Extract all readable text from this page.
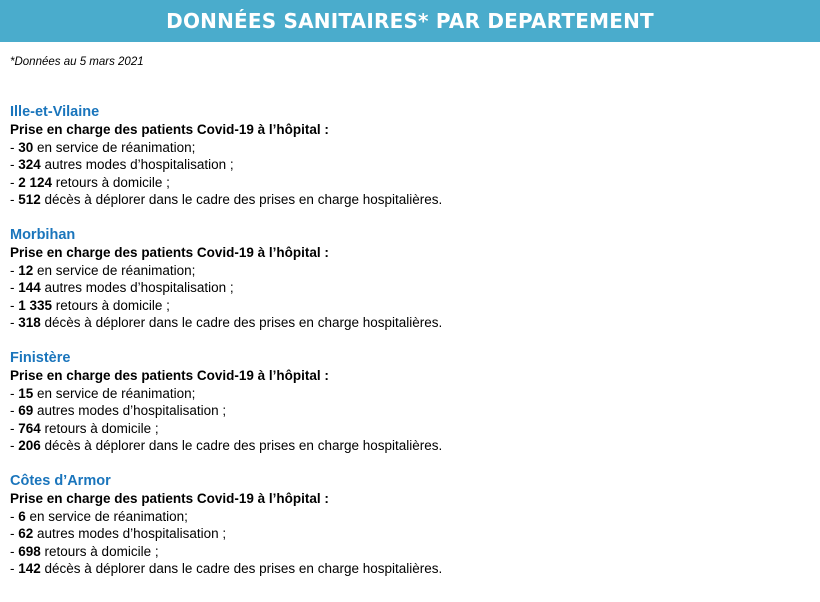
DONNÉES SANITAIRES* PAR DEPARTEMENT
*Données au 5 mars 2021
Ille-et-Vilaine
Prise en charge des patients Covid-19 à l’hôpital :
- 30 en service de réanimation;
- 324 autres modes d’hospitalisation ;
- 2 124 retours à domicile ;
- 512 décès à déplorer dans le cadre des prises en charge hospitalières.
Morbihan
Prise en charge des patients Covid-19 à l’hôpital :
- 12 en service de réanimation;
- 144 autres modes d’hospitalisation ;
- 1 335 retours à domicile ;
- 318 décès à déplorer dans le cadre des prises en charge hospitalières.
Finistère
Prise en charge des patients Covid-19 à l’hôpital :
- 15 en service de réanimation;
- 69 autres modes d’hospitalisation ;
- 764 retours à domicile ;
- 206 décès à déplorer dans le cadre des prises en charge hospitalières.
Côtes d’Armor
Prise en charge des patients Covid-19 à l’hôpital :
- 6 en service de réanimation;
- 62 autres modes d’hospitalisation ;
- 698 retours à domicile ;
- 142 décès à déplorer dans le cadre des prises en charge hospitalières.
